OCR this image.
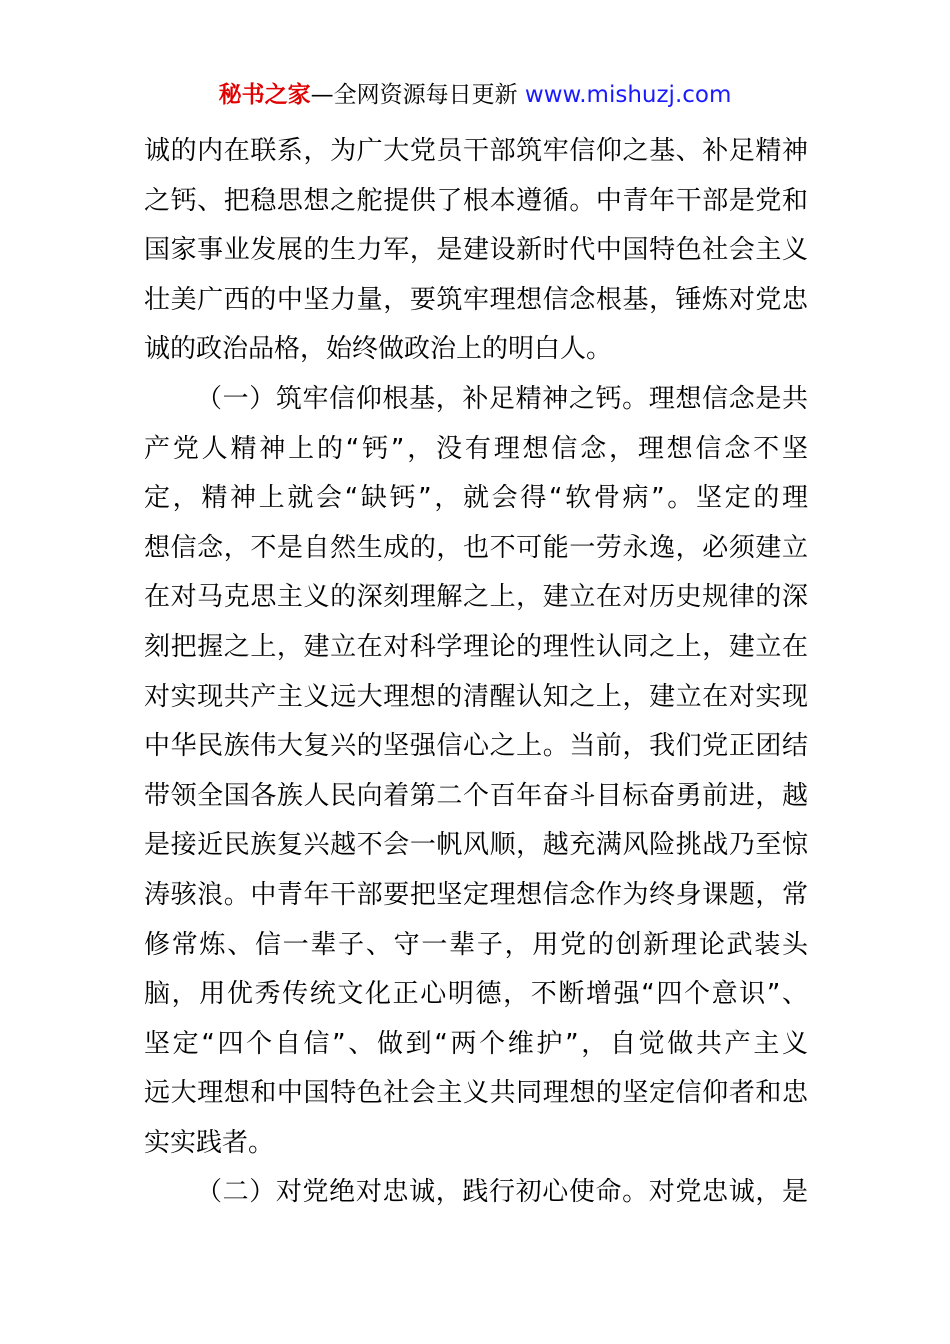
秘书之家—全网资源每日更新 www.mishuzj.com
诚的内在联系，为广大党员干部筑牢信仰之基、补足精神
之钙、把稳思想之舵提供了根本遵循。中青年干部是党和
国家事业发展的生力军，是建设新时代中国特色社会主义
壮美广西的中坚力量，要筑牢理想信念根基，锤炼对党忠
诚的政治品格，始终做政治上的明白人。
（一）筑牢信仰根基，补足精神之钙。理想信念是共
产党人精神上的“钙”，没有理想信念，理想信念不坚
定，精神上就会“缺钙”，就会得“软骨病”。坚定的理
想信念，不是自然生成的，也不可能一劳永逸，必须建立
在对马克思主义的深刻理解之上，建立在对历史规律的深
刻把握之上，建立在对科学理论的理性认同之上，建立在
对实现共产主义远大理想的清醒认知之上，建立在对实现
中华民族伟大复兴的坚强信心之上。当前，我们党正团结
带领全国各族人民向着第二个百年奋斗目标奋勇前进，越
是接近民族复兴越不会一帆风顺，越充满风险挑战乃至惊
涛骇浪。中青年干部要把坚定理想信念作为终身课题，常
修常炼、信一辈子、守一辈子，用党的创新理论武装头
脑，用优秀传统文化正心明德，不断增强“四个意识”、
坚定“四个自信”、做到“两个维护”，自觉做共产主义
远大理想和中国特色社会主义共同理想的坚定信仰者和忠
实实践者。
（二）对党绝对忠诚，践行初心使命。对党忠诚，是
